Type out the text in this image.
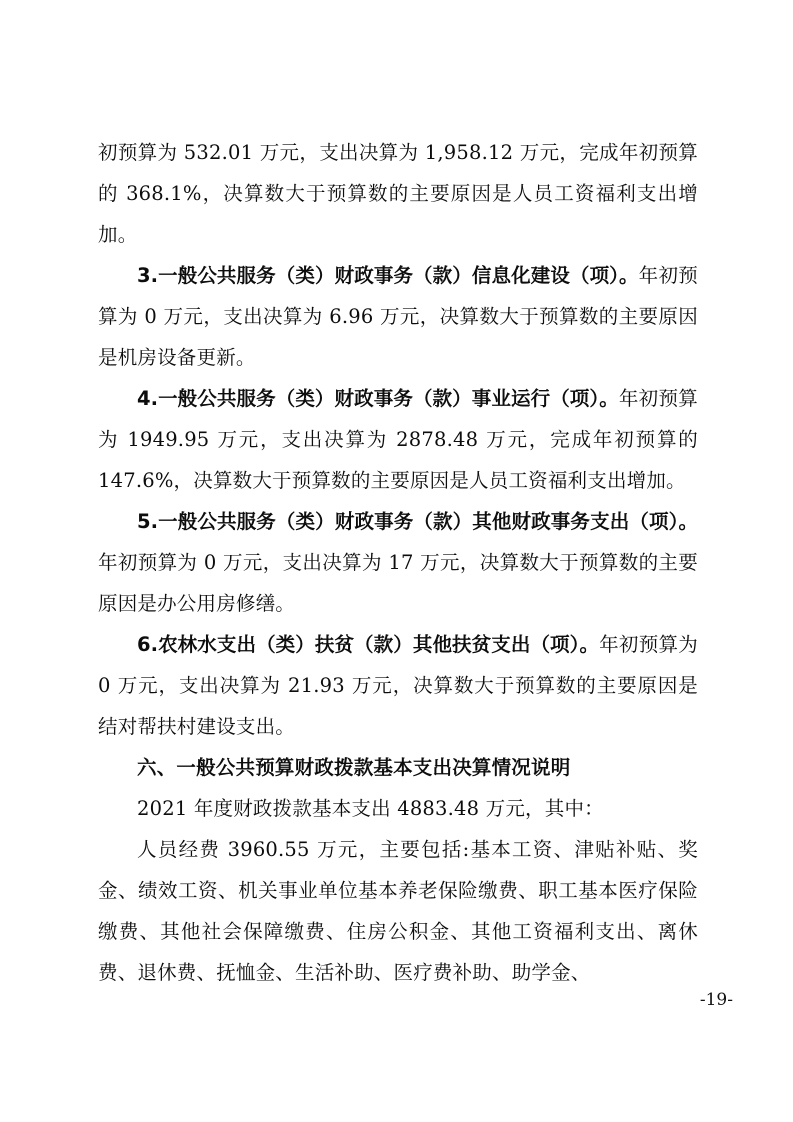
初预算为 532.01 万元，支出决算为 1,958.12 万元，完成年初预算的 368.1%，决算数大于预算数的主要原因是人员工资福利支出增加。

3.一般公共服务（类）财政事务（款）信息化建设（项）。年初预算为 0 万元，支出决算为 6.96 万元，决算数大于预算数的主要原因是机房设备更新。

4.一般公共服务（类）财政事务（款）事业运行（项）。年初预算为 1949.95 万元，支出决算为 2878.48 万元，完成年初预算的 147.6%，决算数大于预算数的主要原因是人员工资福利支出增加。

5.一般公共服务（类）财政事务（款）其他财政事务支出（项）。年初预算为 0 万元，支出决算为 17 万元，决算数大于预算数的主要原因是办公用房修缮。

6.农林水支出（类）扶贫（款）其他扶贫支出（项）。年初预算为 0 万元，支出决算为 21.93 万元，决算数大于预算数的主要原因是结对帮扶村建设支出。

六、一般公共预算财政拨款基本支出决算情况说明

2021 年度财政拨款基本支出 4883.48 万元，其中：

人员经费 3960.55 万元，主要包括:基本工资、津贴补贴、奖金、绩效工资、机关事业单位基本养老保险缴费、职工基本医疗保险缴费、其他社会保障缴费、住房公积金、其他工资福利支出、离休费、退休费、抚恤金、生活补助、医疗费补助、助学金、

-19-
